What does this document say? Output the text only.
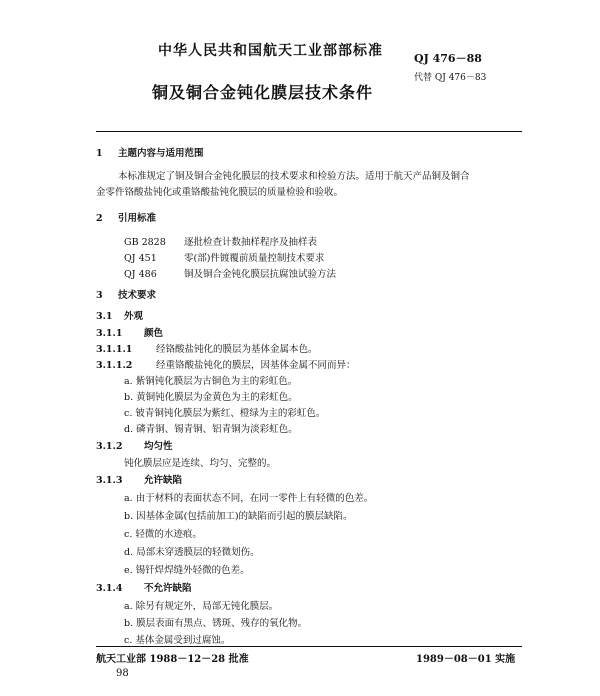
中华人民共和国航天工业部部标准	QJ 476－88
代替 QJ 476－83
铜及铜合金钝化膜层技术条件
1 主题内容与适用范围
本标准规定了铜及铜合金钝化膜层的技术要求和检验方法。适用于航天产品铜及铜合
金零件铬酸盐钝化或重铬酸盐钝化膜层的质量检验和验收。
2 引用标准
GB 2828 逐批检查计数抽样程序及抽样表
QJ 451	零(部)件镀覆前质量控制技术要求
QJ 486	铜及铜合金钝化膜层抗腐蚀试验方法
3 技术要求
3.1 外观
3.1.1 颜色
3.1.1.1 经铬酸盐钝化的膜层为基体金属本色。
3.1.1.2 经重铬酸盐钝化的膜层，因基体金属不同而异：
a. 紫铜钝化膜层为古铜色为主的彩虹色。
b. 黄铜钝化膜层为金黄色为主的彩虹色。
c. 铍青铜钝化膜层为紫红、橙绿为主的彩虹色。
d. 磷青铜、锡青铜、铝青铜为淡彩虹色。
3.1.2 均匀性
钝化膜层应是连续、均匀、完整的。
3.1.3 允许缺陷
a. 由于材料的表面状态不同，在同一零件上有轻微的色差。
b. 因基体金属(包括前加工)的缺陷而引起的膜层缺陷。
c. 轻微的水迹痕。
d. 局部未穿透膜层的轻微划伤。
e. 锡钎焊焊缝外轻微的色差。
3.1.4 不允许缺陷
a. 除另有规定外，局部无钝化膜层。
b. 膜层表面有黑点、锈斑、残存的氧化物。
c. 基体金属受到过腐蚀。
航天工业部 1988－12－28 批准	1989－08－01 实施
98
